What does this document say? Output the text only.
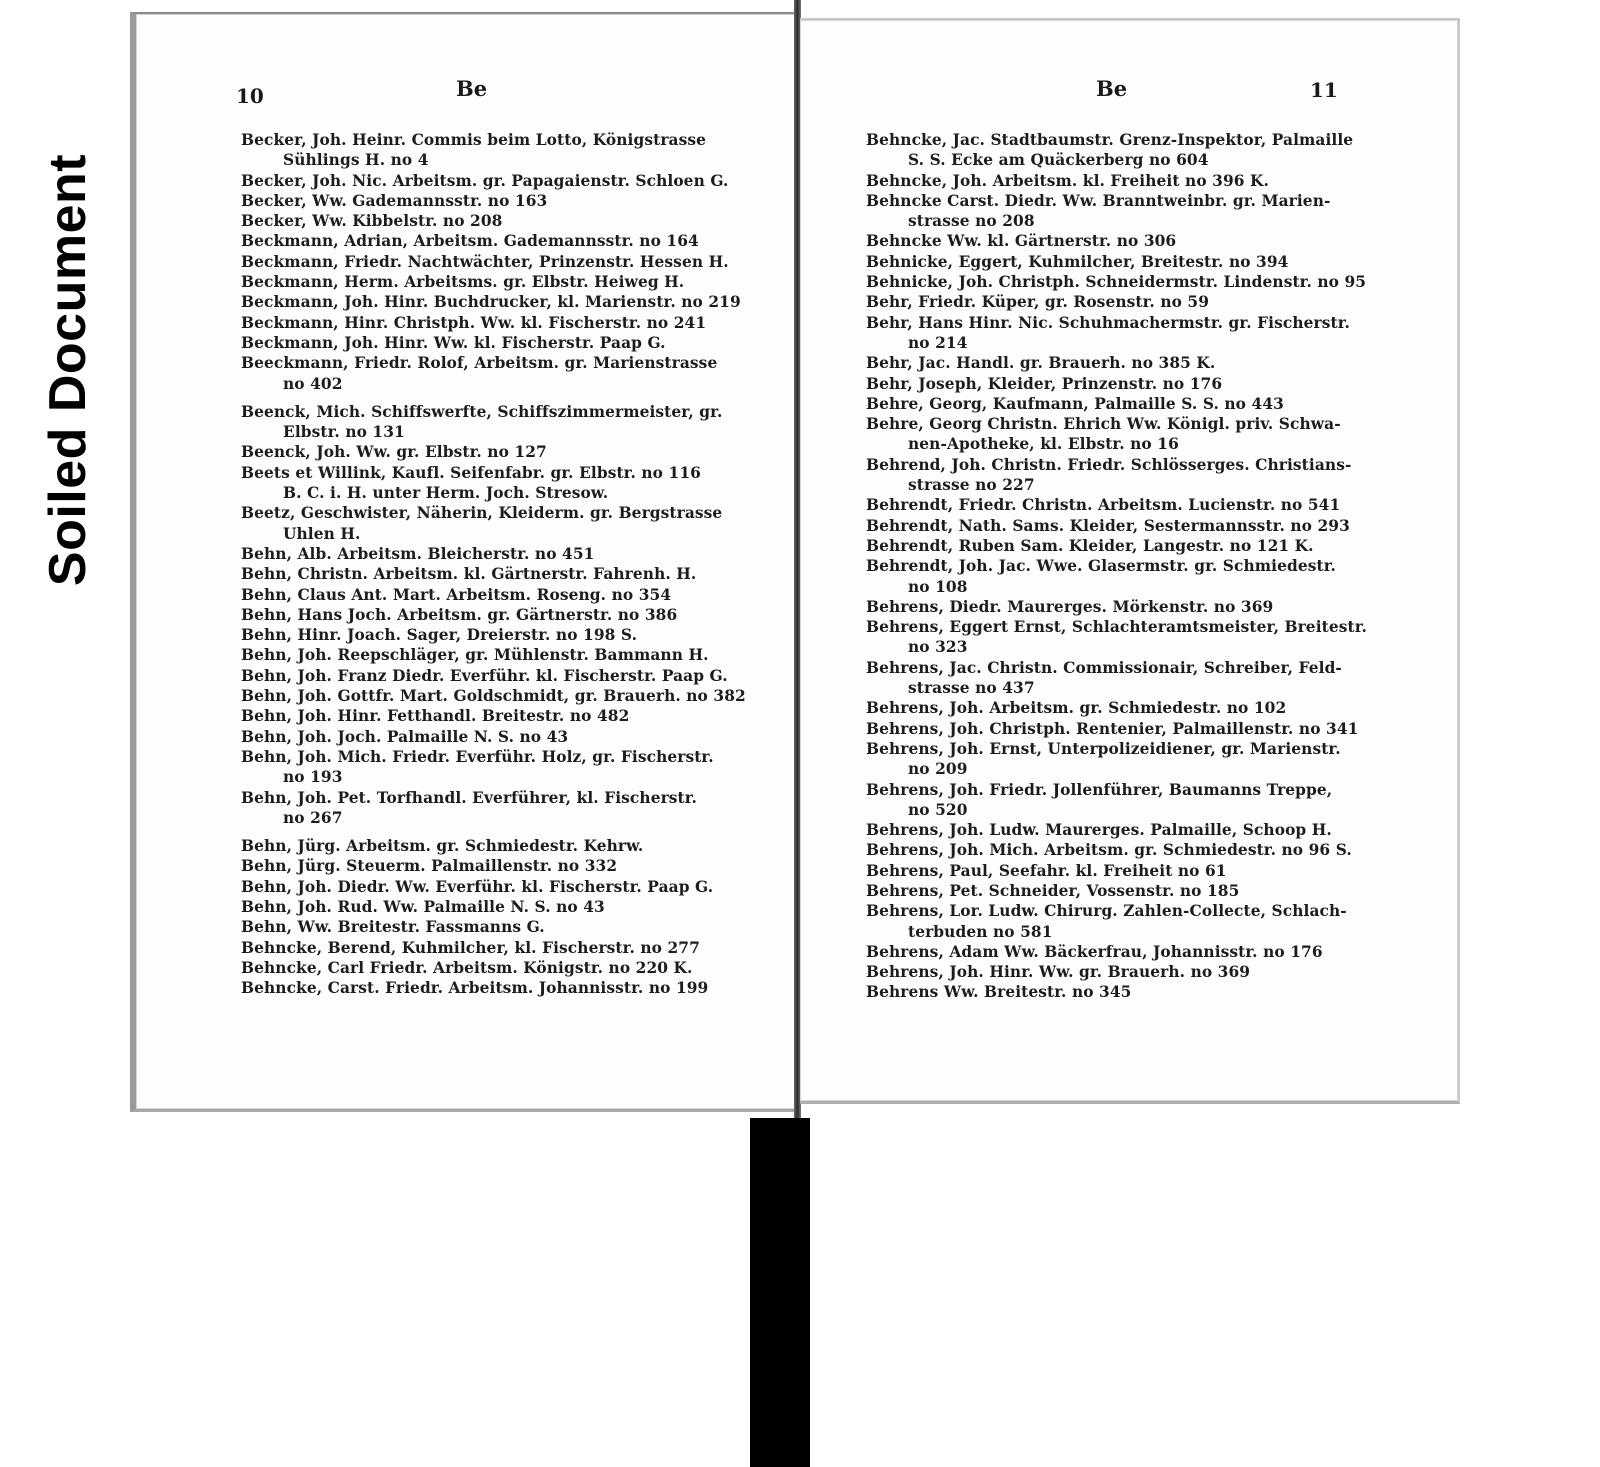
Soiled Document
10	Be
Becker, Joh. Heinr. Commis beim Lotto, Königstrasse
Sühlings H. no 4
Becker, Joh. Nic. Arbeitsm. gr. Papagaienstr. Schloen G.
Becker, Ww. Gademannsstr. no 163
Becker, Ww. Kibbelstr. no 208
Beckmann, Adrian, Arbeitsm. Gademannsstr. no 164
Beckmann, Friedr. Nachtwächter, Prinzenstr. Hessen H.
Beckmann, Herm. Arbeitsms. gr. Elbstr. Heiweg H.
Beckmann, Joh. Hinr. Buchdrucker, kl. Marienstr. no 219
Beckmann, Hinr. Christph. Ww. kl. Fischerstr. no 241
Beckmann, Joh. Hinr. Ww. kl. Fischerstr. Paap G.
Beeckmann, Friedr. Rolof, Arbeitsm. gr. Marienstrasse
no 402
Beenck, Mich. Schiffswerfte, Schiffszimmermeister, gr.
Elbstr. no 131
Beenck, Joh. Ww. gr. Elbstr. no 127
Beets et Willink, Kaufl. Seifenfabr. gr. Elbstr. no 116
B. C. i. H. unter Herm. Joch. Stresow.
Beetz, Geschwister, Näherin, Kleiderm. gr. Bergstrasse
Uhlen H.
Behn, Alb. Arbeitsm. Bleicherstr. no 451
Behn, Christn. Arbeitsm. kl. Gärtnerstr. Fahrenh. H.
Behn, Claus Ant. Mart. Arbeitsm. Roseng. no 354
Behn, Hans Joch. Arbeitsm. gr. Gärtnerstr. no 386
Behn, Hinr. Joach. Sager, Dreierstr. no 198 S.
Behn, Joh. Reepschläger, gr. Mühlenstr. Bammann H.
Behn, Joh. Franz Diedr. Everführ. kl. Fischerstr. Paap G.
Behn, Joh. Gottfr. Mart. Goldschmidt, gr. Brauerh. no 382
Behn, Joh. Hinr. Fetthandl. Breitestr. no 482
Behn, Joh. Joch. Palmaille N. S. no 43
Behn, Joh. Mich. Friedr. Everführ. Holz, gr. Fischerstr.
no 193
Behn, Joh. Pet. Torfhandl. Everführer, kl. Fischerstr.
no 267
Behn, Jürg. Arbeitsm. gr. Schmiedestr. Kehrw.
Behn, Jürg. Steuerm. Palmaillenstr. no 332
Behn, Joh. Diedr. Ww. Everführ. kl. Fischerstr. Paap G.
Behn, Joh. Rud. Ww. Palmaille N. S. no 43
Behn, Ww. Breitestr. Fassmanns G.
Behncke, Berend, Kuhmilcher, kl. Fischerstr. no 277
Behncke, Carl Friedr. Arbeitsm. Königstr. no 220 K.
Behncke, Carst. Friedr. Arbeitsm. Johannisstr. no 199
Be	11
Behncke, Jac. Stadtbaumstr. Grenz-Inspektor, Palmaille
S. S. Ecke am Quäckerberg no 604
Behncke, Joh. Arbeitsm. kl. Freiheit no 396 K.
Behncke Carst. Diedr. Ww. Branntweinbr. gr. Marien-
strasse no 208
Behncke Ww. kl. Gärtnerstr. no 306
Behnicke, Eggert, Kuhmilcher, Breitestr. no 394
Behnicke, Joh. Christph. Schneidermstr. Lindenstr. no 95
Behr, Friedr. Küper, gr. Rosenstr. no 59
Behr, Hans Hinr. Nic. Schuhmachermstr. gr. Fischerstr.
no 214
Behr, Jac. Handl. gr. Brauerh. no 385 K.
Behr, Joseph, Kleider, Prinzenstr. no 176
Behre, Georg, Kaufmann, Palmaille S. S. no 443
Behre, Georg Christn. Ehrich Ww. Königl. priv. Schwa-
nen-Apotheke, kl. Elbstr. no 16
Behrend, Joh. Christn. Friedr. Schlösserges. Christians-
strasse no 227
Behrendt, Friedr. Christn. Arbeitsm. Lucienstr. no 541
Behrendt, Nath. Sams. Kleider, Sestermannsstr. no 293
Behrendt, Ruben Sam. Kleider, Langestr. no 121 K.
Behrendt, Joh. Jac. Wwe. Glasermstr. gr. Schmiedestr.
no 108
Behrens, Diedr. Maurerges. Mörkenstr. no 369
Behrens, Eggert Ernst, Schlachteramtsmeister, Breitestr.
no 323
Behrens, Jac. Christn. Commissionair, Schreiber, Feld-
strasse no 437
Behrens, Joh. Arbeitsm. gr. Schmiedestr. no 102
Behrens, Joh. Christph. Rentenier, Palmaillenstr. no 341
Behrens, Joh. Ernst, Unterpolizeidiener, gr. Marienstr.
no 209
Behrens, Joh. Friedr. Jollenführer, Baumanns Treppe,
no 520
Behrens, Joh. Ludw. Maurerges. Palmaille, Schoop H.
Behrens, Joh. Mich. Arbeitsm. gr. Schmiedestr. no 96 S.
Behrens, Paul, Seefahr. kl. Freiheit no 61
Behrens, Pet. Schneider, Vossenstr. no 185
Behrens, Lor. Ludw. Chirurg. Zahlen-Collecte, Schlach-
terbuden no 581
Behrens, Adam Ww. Bäckerfrau, Johannisstr. no 176
Behrens, Joh. Hinr. Ww. gr. Brauerh. no 369
Behrens Ww. Breitestr. no 345
